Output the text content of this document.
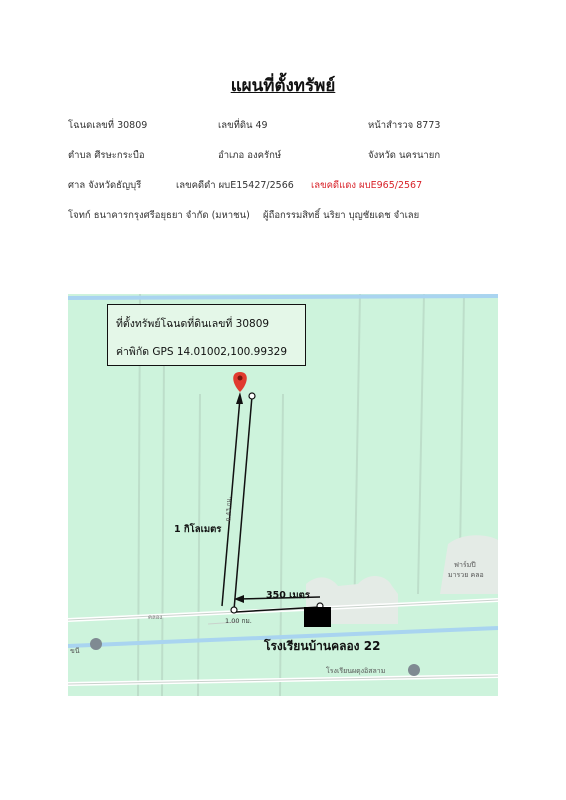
แผนที่ตั้งทรัพย์
โฉนดเลขที่ 30809	เลขที่ดิน 49	หน้าสำรวจ 8773
ตำบล ศีรษะกระบือ	อำเภอ องครักษ์	จังหวัด นครนายก
ศาล จังหวัดธัญบุรี	เลขคดีดำ ผบE15427/2566 เลขคดีแดง ผบE965/2567
โจทก์ ธนาคารกรุงศรีอยุธยา จำกัด (มหาชน) ผู้ถือกรรมสิทธิ์ นริยา บุญชัยเดช จำเลย
ที่ตั้งทรัพย์โฉนดที่ดินเลขที่ 30809
ค่าพิกัด GPS 14.01002,100.99329
1 กิโลเมตร
0.43 กม.
350 เมตร
1.00 กม.
คลอง
โรงเรียนบ้านคลอง 22
ฟาร์มปี
มารวย คลอ
ขนี
โรงเรียนผดุงอิสลาม
